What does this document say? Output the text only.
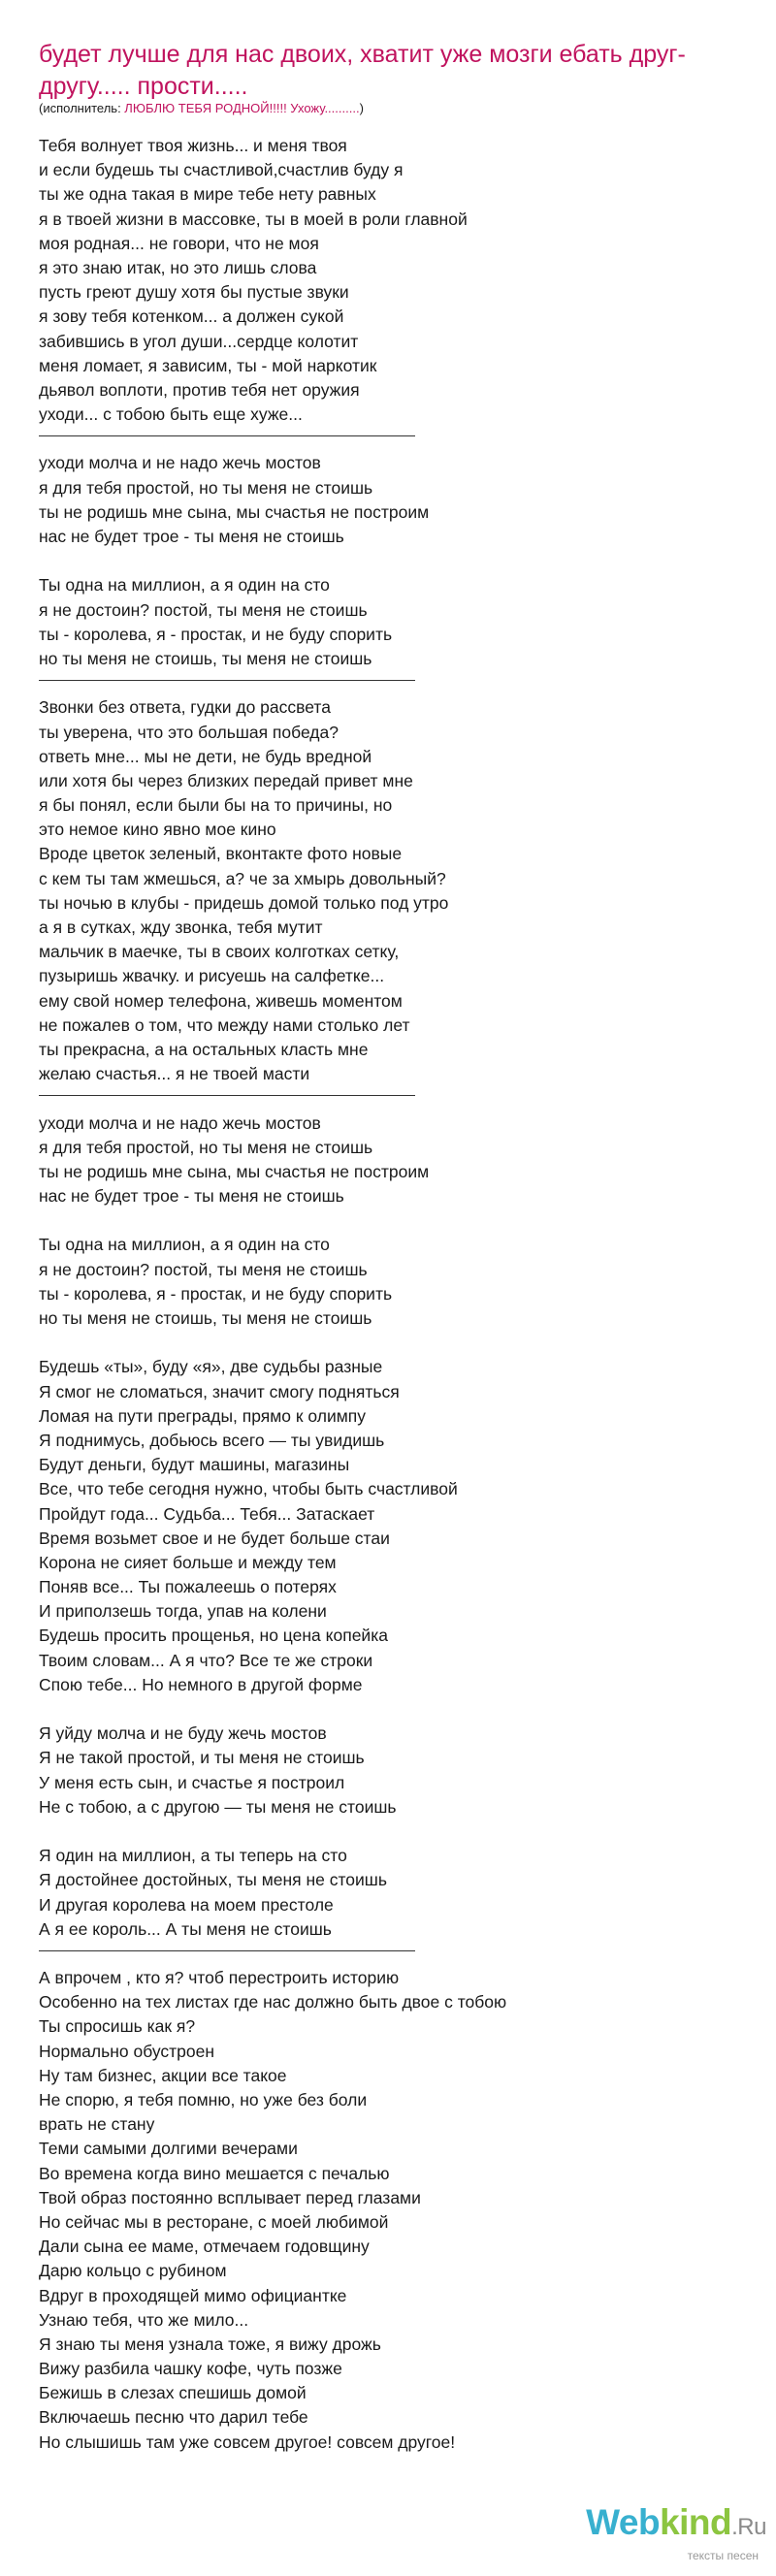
будет лучше для нас двоих, хватит уже мозги ебать друг-другу..... прости.....
(исполнитель: ЛЮБЛЮ ТЕБЯ РОДНОЙ!!!!! Ухожу..........)
Тебя волнует твоя жизнь... и меня твоя
и если будешь ты счастливой,счастлив буду я
ты же одна такая в мире тебе нету равных
я в твоей жизни в массовке, ты в моей в роли главной
моя родная... не говори, что не моя
я это знаю итак, но это лишь слова
пусть греют душу хотя бы пустые звуки
я зову тебя котенком... а должен сукой
забившись в угол души...сердце колотит
меня ломает, я зависим, ты - мой наркотик
дьявол воплоти, против тебя нет оружия
уходи... с тобою быть еще хуже...
уходи молча и не надо жечь мостов
я для тебя простой, но ты меня не стоишь
ты не родишь мне сына, мы счастья не построим
нас не будет трое - ты меня не стоишь
Ты одна на миллион, а я один на сто
я не достоин? постой, ты меня не стоишь
ты - королева, я - простак, и не буду спорить
но ты меня не стоишь, ты меня не стоишь
Звонки без ответа, гудки до рассвета
ты уверена, что это большая победа?
ответь мне... мы не дети, не будь вредной
или хотя бы через близких передай привет мне
я бы понял, если были бы на то причины, но
это немое кино явно мое кино
Вроде цветок зеленый, вконтакте фото новые
с кем ты там жмешься, а? че за хмырь довольный?
ты ночью в клубы - придешь домой только под утро
а я в сутках, жду звонка, тебя мутит
мальчик в маечке, ты в своих колготках сетку,
пузыришь жвачку. и рисуешь на салфетке...
ему свой номер телефона, живешь моментом
не пожалев о том, что между нами столько лет
ты прекрасна, а на остальных класть мне
желаю счастья... я не твоей масти
уходи молча и не надо жечь мостов
я для тебя простой, но ты меня не стоишь
ты не родишь мне сына, мы счастья не построим
нас не будет трое - ты меня не стоишь
Ты одна на миллион, а я один на сто
я не достоин? постой, ты меня не стоишь
ты - королева, я - простак, и не буду спорить
но ты меня не стоишь, ты меня не стоишь
Будешь «ты», буду «я», две судьбы разные
Я смог не сломаться, значит смогу подняться
Ломая на пути преграды, прямо к олимпу
Я поднимусь, добьюсь всего — ты увидишь
Будут деньги, будут машины, магазины
Все, что тебе сегодня нужно, чтобы быть счастливой
Пройдут года... Судьба... Тебя... Затаскает
Время возьмет свое и не будет больше стаи
Корона не сияет больше и между тем
Поняв все... Ты пожалеешь о потерях
И приползешь тогда, упав на колени
Будешь просить прощенья, но цена копейка
Твоим словам... А я что? Все те же строки
Спою тебе... Но немного в другой форме
Я уйду молча и не буду жечь мостов
Я не такой простой, и ты меня не стоишь
У меня есть сын, и счастье я построил
Не с тобою, а с другою — ты меня не стоишь
Я один на миллион, а ты теперь на сто
Я достойнее достойных, ты меня не стоишь
И другая королева на моем престоле
А я ее король... А ты меня не стоишь
А впрочем , кто я? чтоб перестроить историю
Особенно на тех листах где нас должно быть двое с тобою
Ты спросишь как я?
Нормально обустроен
Ну там бизнес, акции все такое
Не спорю, я тебя помню, но уже без боли
врать не стану
Теми самыми долгими вечерами
Во времена когда вино мешается с печалью
Твой образ постоянно всплывает перед глазами
Но сейчас мы в ресторане, с моей любимой
Дали сына ее маме, отмечаем годовщину
Дарю кольцо с рубином
Вдруг в проходящей мимо официантке
Узнаю тебя, что же мило...
Я знаю ты меня узнала тоже, я вижу дрожь
Вижу разбила чашку кофе, чуть позже
Бежишь в слезах спешишь домой
Включаешь песню что дарил тебе
Но слышишь там уже совсем другое! совсем другое!
Webkind.Ru
тексты песен
